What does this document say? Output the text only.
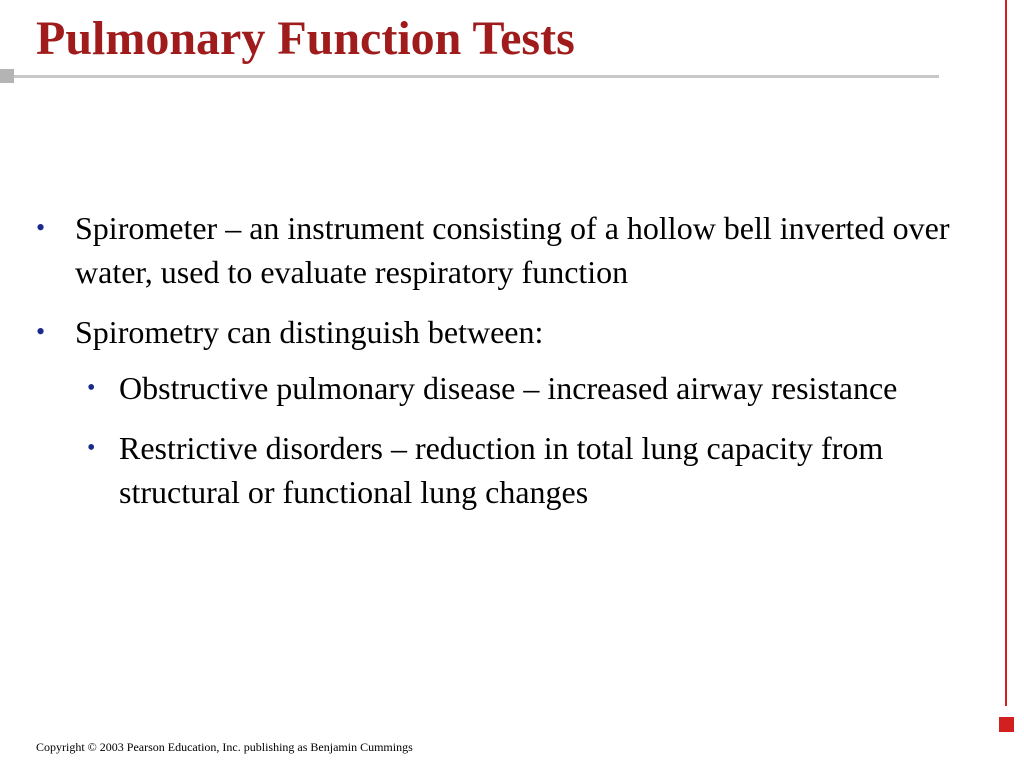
Pulmonary Function Tests
• Spirometer – an instrument consisting of a hollow bell inverted over water, used to evaluate respiratory function
• Spirometry can distinguish between:
• Obstructive pulmonary disease – increased airway resistance
• Restrictive disorders – reduction in total lung capacity from structural or functional lung changes
Copyright © 2003 Pearson Education, Inc. publishing as Benjamin Cummings
